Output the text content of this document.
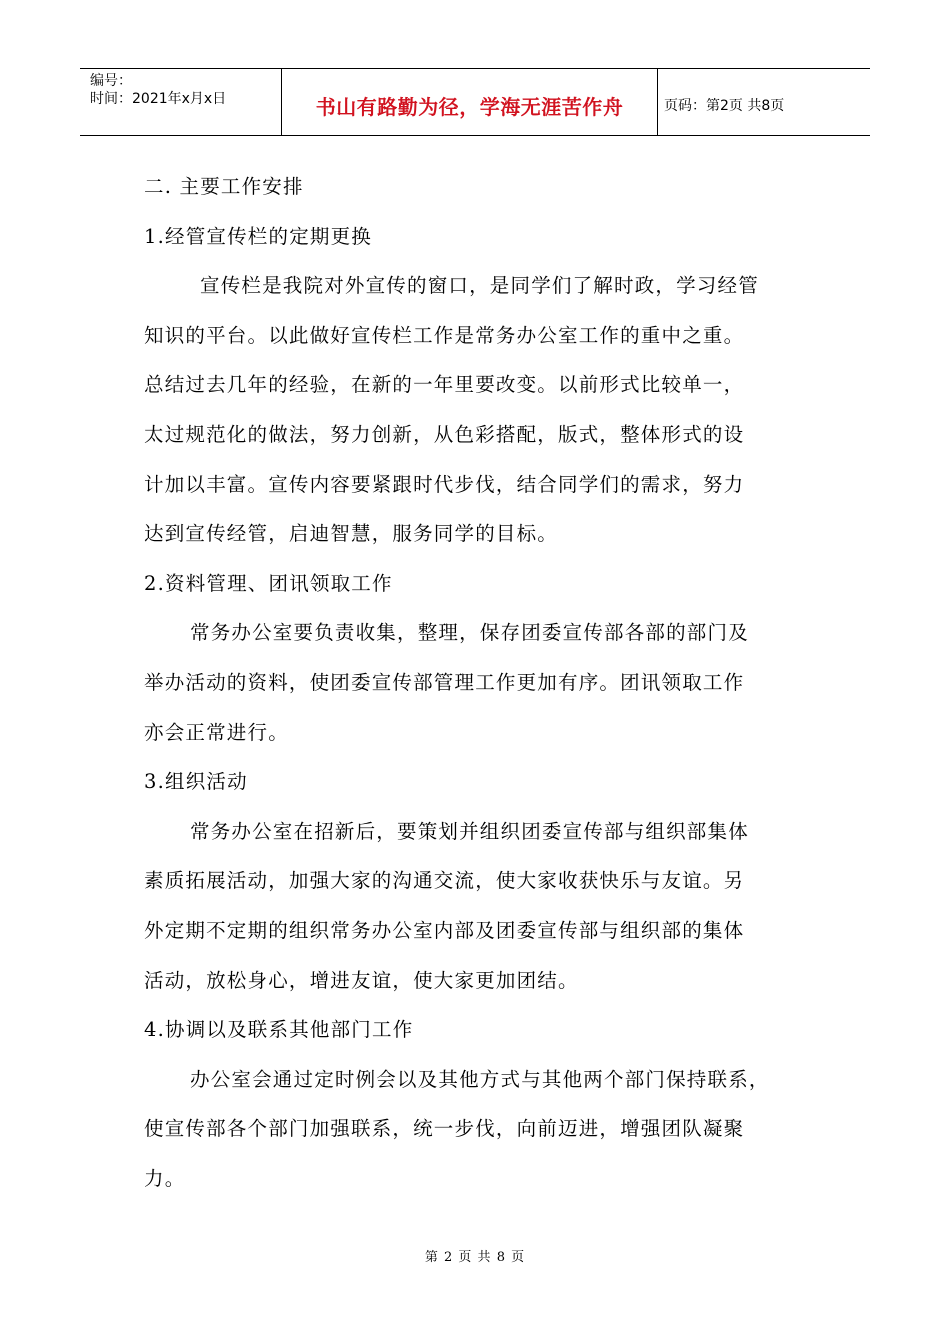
编号：
时间：2021年x月x日	书山有路勤为径，学海无涯苦作舟	页码：第2页 共8页
二. 主要工作安排
1.经管宣传栏的定期更换
宣传栏是我院对外宣传的窗口，是同学们了解时政，学习经管
知识的平台。以此做好宣传栏工作是常务办公室工作的重中之重。
总结过去几年的经验，在新的一年里要改变。以前形式比较单一，
太过规范化的做法，努力创新，从色彩搭配，版式，整体形式的设
计加以丰富。宣传内容要紧跟时代步伐，结合同学们的需求，努力
达到宣传经管，启迪智慧，服务同学的目标。
2.资料管理、团讯领取工作
常务办公室要负责收集，整理，保存团委宣传部各部的部门及
举办活动的资料，使团委宣传部管理工作更加有序。团讯领取工作
亦会正常进行。
3.组织活动
常务办公室在招新后，要策划并组织团委宣传部与组织部集体
素质拓展活动，加强大家的沟通交流，使大家收获快乐与友谊。另
外定期不定期的组织常务办公室内部及团委宣传部与组织部的集体
活动，放松身心，增进友谊，使大家更加团结。
4.协调以及联系其他部门工作
办公室会通过定时例会以及其他方式与其他两个部门保持联系，
使宣传部各个部门加强联系，统一步伐，向前迈进，增强团队凝聚
力。
第 2 页 共 8 页
